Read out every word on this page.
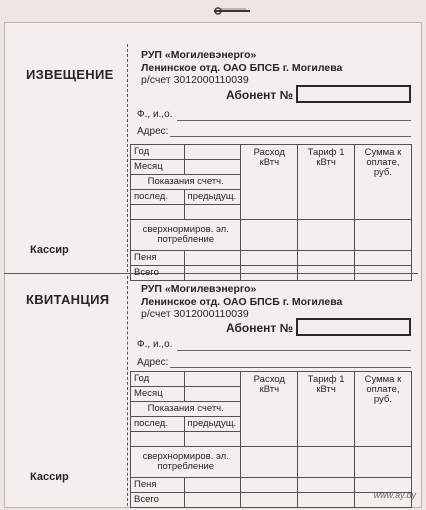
ИЗВЕЩЕНИЕ
РУП «Могилевэнерго»
Ленинское отд. ОАО БПСБ г. Могилева
р/счет 3012000110039
Абонент №
Ф., и.,о.
Адрес:
Год		Расход кВтч	Тариф 1 кВтч	Сумма к оплате, руб.
Месяц				
Показания счетч.				
послед.	предыдущ.			

сверхнормиров. эл. потребление				
Пеня				
Всего				
Кассир
КВИТАНЦИЯ
РУП «Могилевэнерго»
Ленинское отд. ОАО БПСБ г. Могилева
р/счет 3012000110039
Абонент №
Ф., и.,о.
Адрес:
Год		Расход кВтч	Тариф 1 кВтч	Сумма к оплате, руб.
Месяц				
Показания счетч.				
послед.	предыдущ.			

сверхнормиров. эл. потребление				
Пеня				
Всего				
Кассир
www.ay.by
